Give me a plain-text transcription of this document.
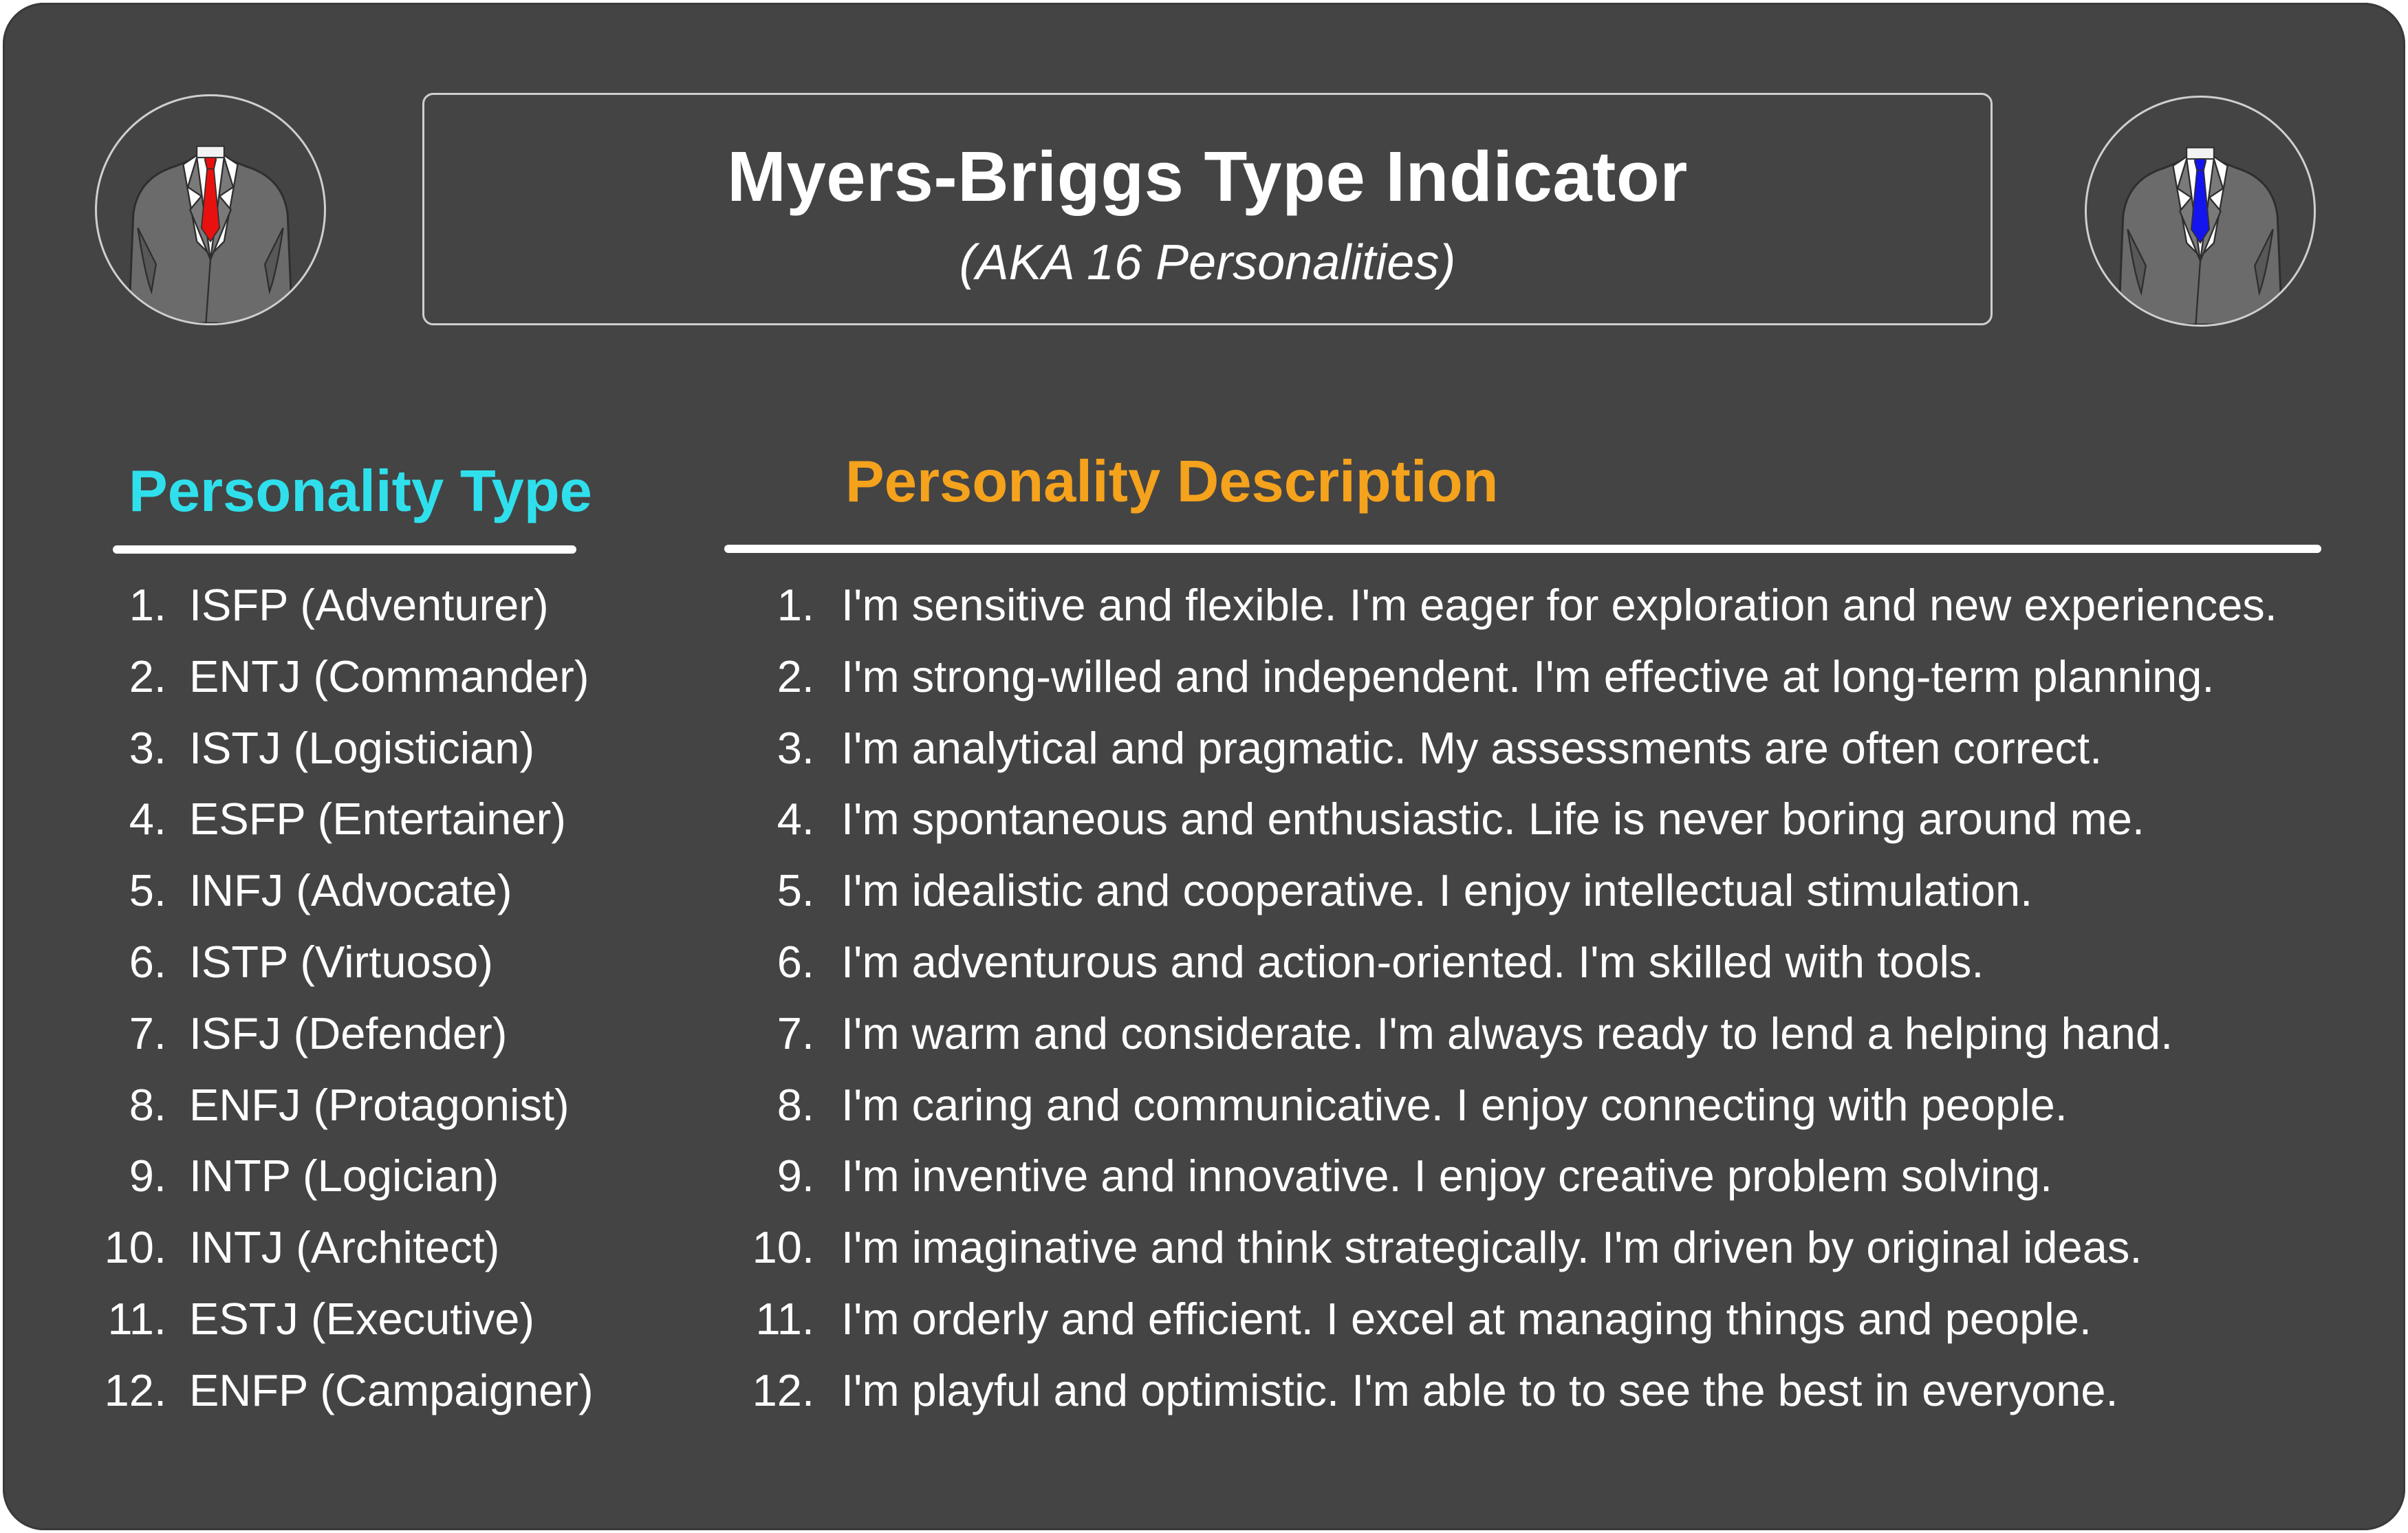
Myers-Briggs Type Indicator
(AKA 16 Personalities)
Personality Type	Personality Description
1. ISFP (Adventurer)
2. ENTJ (Commander)
3. ISTJ (Logistician)
4. ESFP (Entertainer)
5. INFJ (Advocate)
6. ISTP (Virtuoso)
7. ISFJ (Defender)
8. ENFJ (Protagonist)
9. INTP (Logician)
10. INTJ (Architect)
11. ESTJ (Executive)
12. ENFP (Campaigner)
1. I'm sensitive and flexible. I'm eager for exploration and new experiences.
2. I'm strong-willed and independent. I'm effective at long-term planning.
3. I'm analytical and pragmatic. My assessments are often correct.
4. I'm spontaneous and enthusiastic. Life is never boring around me.
5. I'm idealistic and cooperative. I enjoy intellectual stimulation.
6. I'm adventurous and action-oriented. I'm skilled with tools.
7. I'm warm and considerate. I'm always ready to lend a helping hand.
8. I'm caring and communicative. I enjoy connecting with people.
9. I'm inventive and innovative. I enjoy creative problem solving.
10. I'm imaginative and think strategically. I'm driven by original ideas.
11. I'm orderly and efficient. I excel at managing things and people.
12. I'm playful and optimistic. I'm able to to see the best in everyone.
